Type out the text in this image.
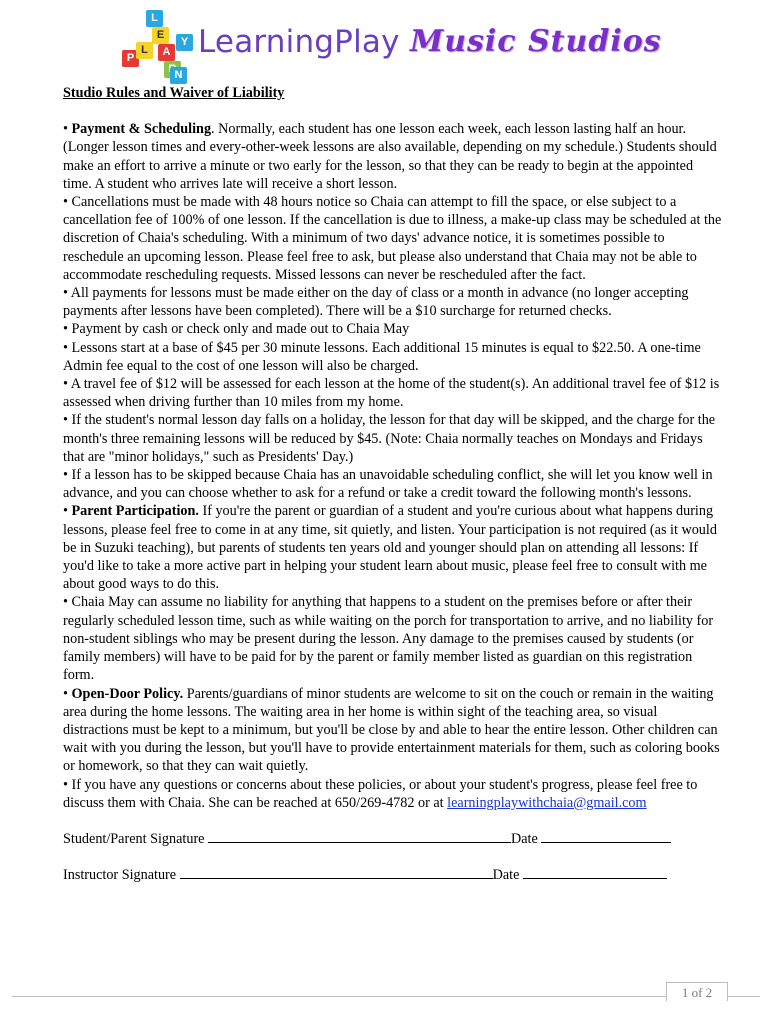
L
E
A
N
P
L
Y LearningPlay Music Studios

Studio Rules and Waiver of Liability

• Payment & Scheduling. Normally, each student has one lesson each week, each lesson lasting half an hour. (Longer lesson times and every-other-week lessons are also available, depending on my schedule.) Students should make an effort to arrive a minute or two early for the lesson, so that they can be ready to begin at the appointed time. A student who arrives late will receive a short lesson.

• Cancellations must be made with 48 hours notice so Chaia can attempt to fill the space, or else subject to a cancellation fee of 100% of one lesson. If the cancellation is due to illness, a make-up class may be scheduled at the discretion of Chaia's scheduling. With a minimum of two days' advance notice, it is sometimes possible to reschedule an upcoming lesson. Please feel free to ask, but please also understand that Chaia may not be able to accommodate rescheduling requests. Missed lessons can never be rescheduled after the fact.

• All payments for lessons must be made either on the day of class or a month in advance (no longer accepting payments after lessons have been completed). There will be a $10 surcharge for returned checks.

• Payment by cash or check only and made out to Chaia May

• Lessons start at a base of $45 per 30 minute lessons. Each additional 15 minutes is equal to $22.50. A one-time Admin fee equal to the cost of one lesson will also be charged.

• A travel fee of $12 will be assessed for each lesson at the home of the student(s). An additional travel fee of $12 is assessed when driving further than 10 miles from my home.

• If the student's normal lesson day falls on a holiday, the lesson for that day will be skipped, and the charge for the month's three remaining lessons will be reduced by $45. (Note: Chaia normally teaches on Mondays and Fridays that are "minor holidays," such as Presidents' Day.)

• If a lesson has to be skipped because Chaia has an unavoidable scheduling conflict, she will let you know well in advance, and you can choose whether to ask for a refund or take a credit toward the following month's lessons.

• Parent Participation. If you're the parent or guardian of a student and you're curious about what happens during lessons, please feel free to come in at any time, sit quietly, and listen. Your participation is not required (as it would be in Suzuki teaching), but parents of students ten years old and younger should plan on attending all lessons: If you'd like to take a more active part in helping your student learn about music, please feel free to consult with me about good ways to do this.

• Chaia May can assume no liability for anything that happens to a student on the premises before or after their regularly scheduled lesson time, such as while waiting on the porch for transportation to arrive, and no liability for non-student siblings who may be present during the lesson. Any damage to the premises caused by students (or family members) will have to be paid for by the parent or family member listed as guardian on this registration form.

• Open-Door Policy. Parents/guardians of minor students are welcome to sit on the couch or remain in the waiting area during the home lessons. The waiting area in her home is within sight of the teaching area, so visual distractions must be kept to a minimum, but you'll be close by and able to hear the entire lesson. Other children can wait with you during the lesson, but you'll have to provide entertainment materials for them, such as coloring books or homework, so that they can wait quietly.

• If you have any questions or concerns about these policies, or about your student's progress, please feel free to discuss them with Chaia. She can be reached at 650/269-4782 or at learningplaywithchaia@gmail.com

Student/Parent Signature	Date

Instructor Signature	Date

1 of 2
